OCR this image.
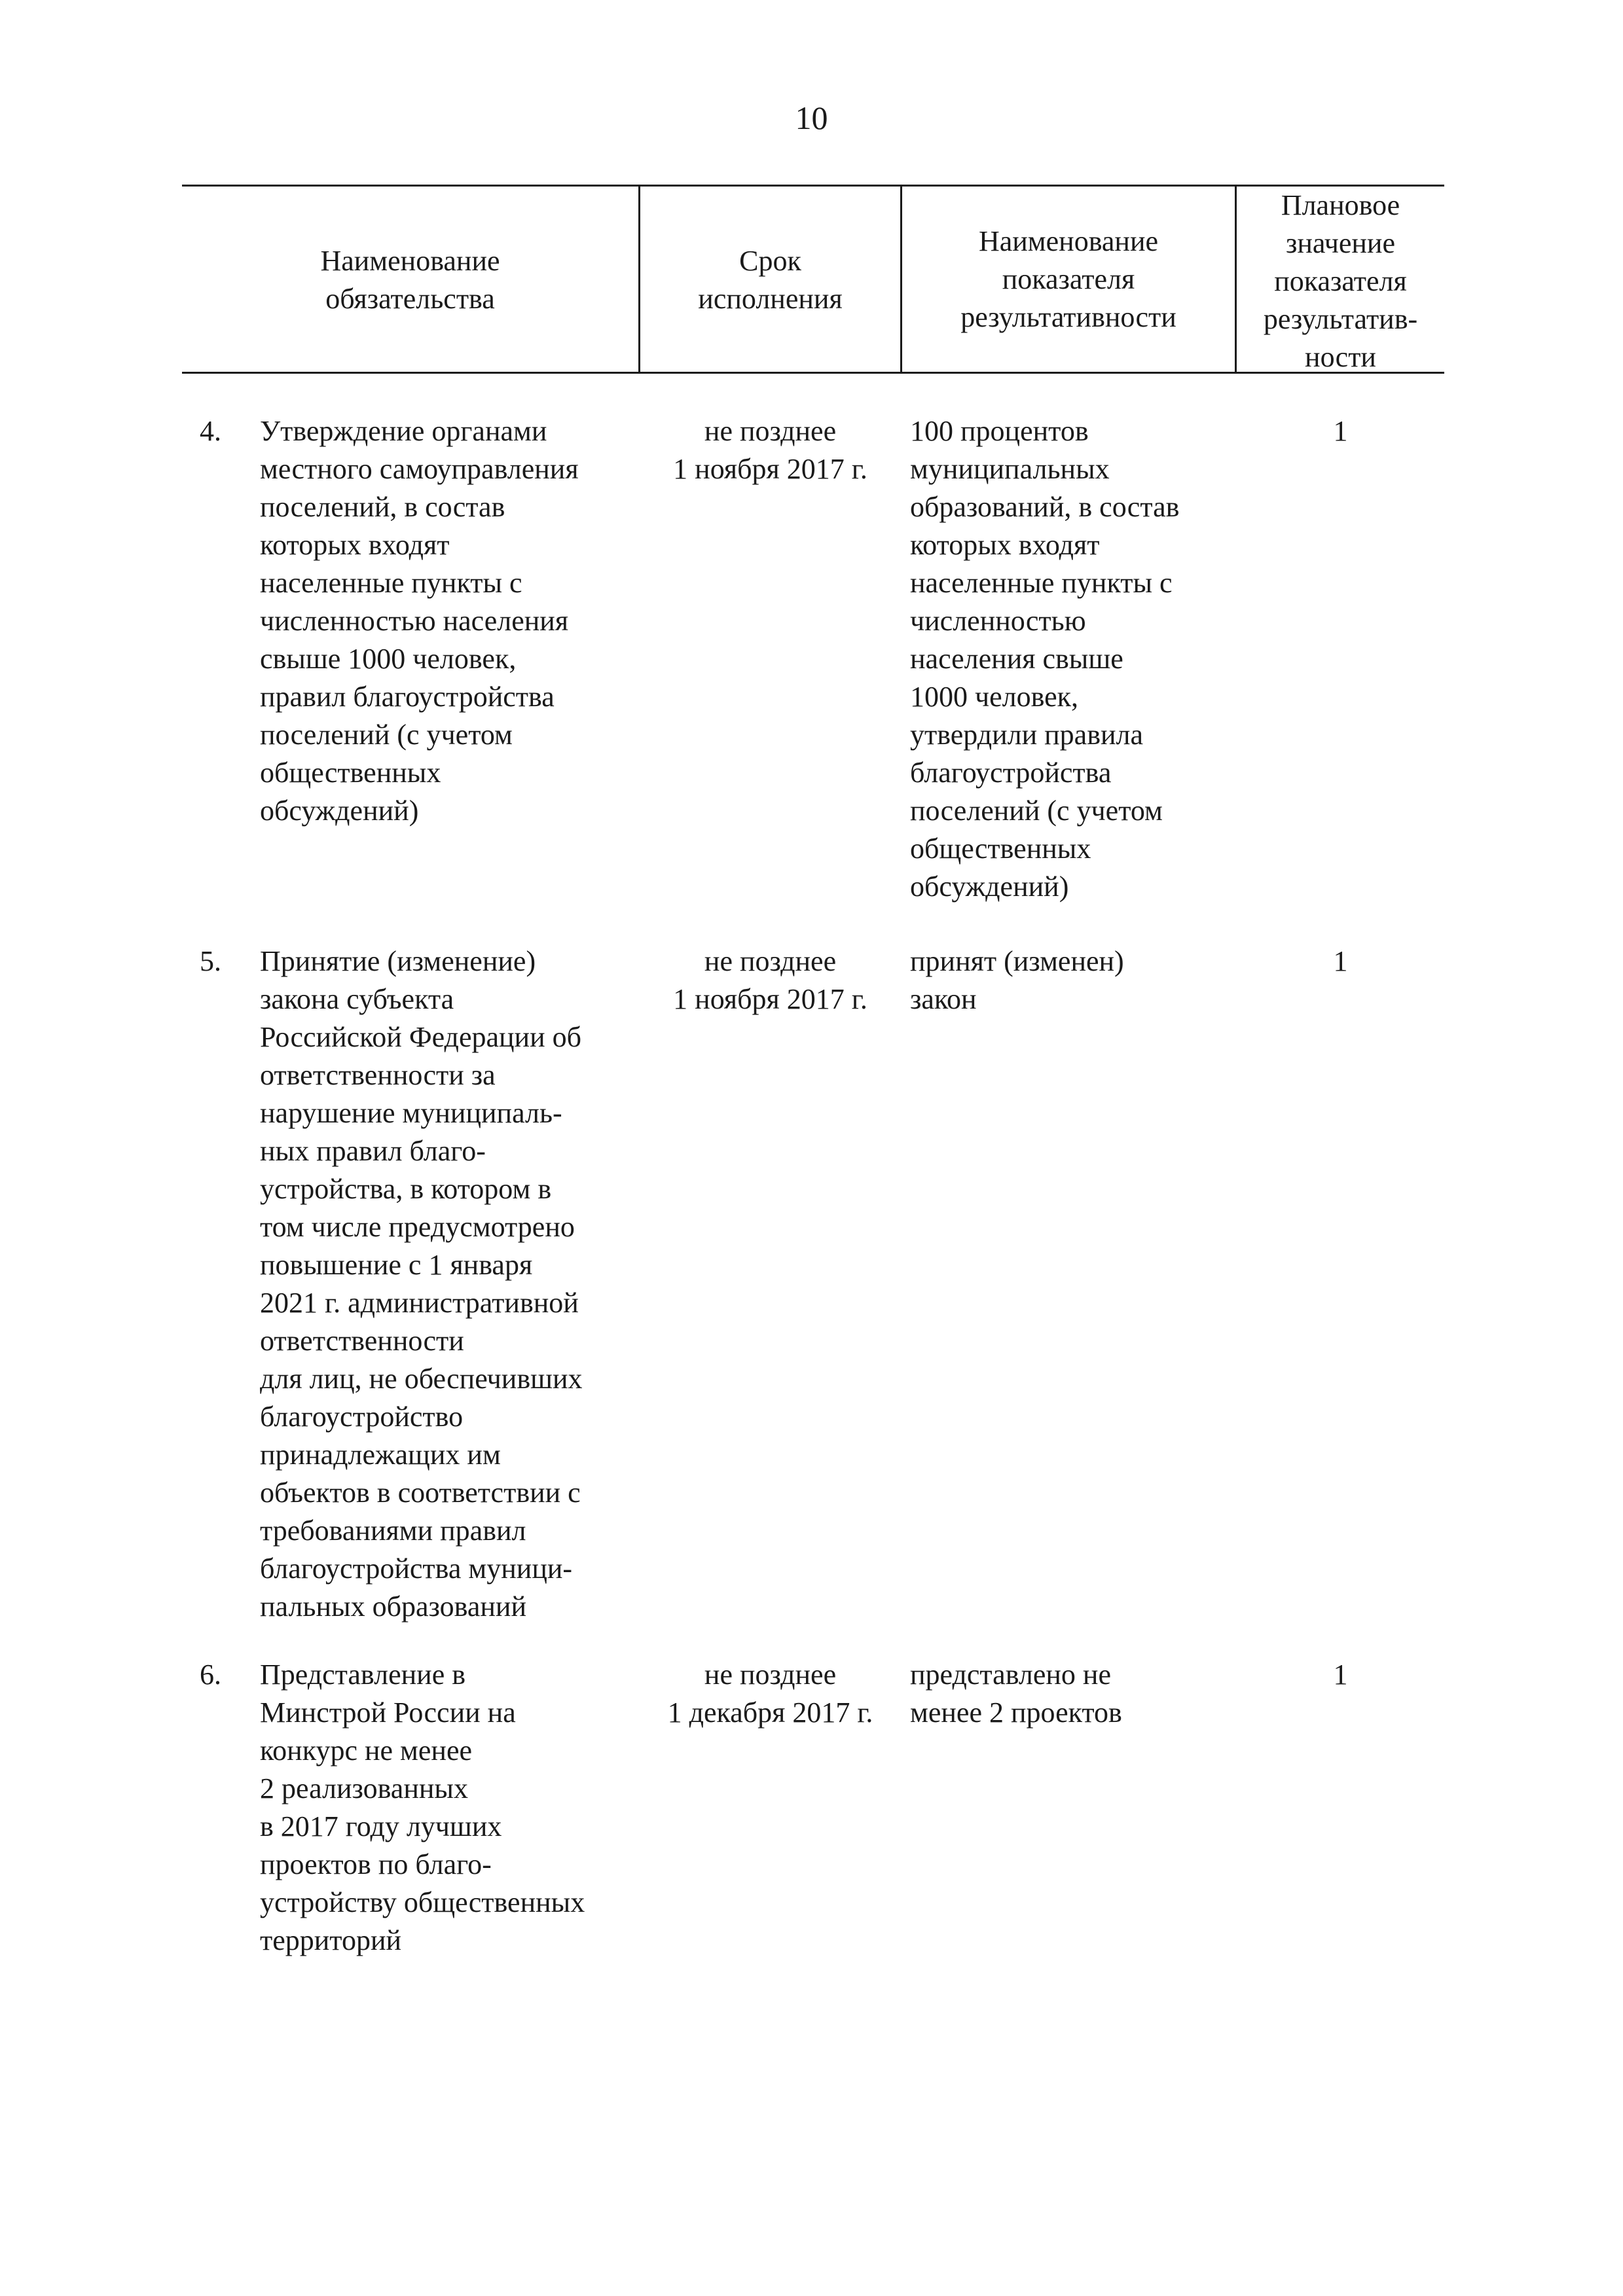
10
Наименование
обязательства
Срок
исполнения
Наименование
показателя
результативности
Плановое
значение
показателя
результатив-
ности
4. Утверждение органами
местного самоуправления
поселений, в состав
которых входят
населенные пункты с
численностью населения
свыше 1000 человек,
правил благоустройства
поселений (с учетом
общественных
обсуждений)
не позднее
1 ноября 2017 г.
100 процентов
муниципальных
образований, в состав
которых входят
населенные пункты с
численностью
населения свыше
1000 человек,
утвердили правила
благоустройства
поселений (с учетом
общественных
обсуждений)
1
5. Принятие (изменение)
закона субъекта
Российской Федерации об
ответственности за
нарушение муниципаль-
ных правил благо-
устройства, в котором в
том числе предусмотрено
повышение с 1 января
2021 г. административной
ответственности
для лиц, не обеспечивших
благоустройство
принадлежащих им
объектов в соответствии с
требованиями правил
благоустройства муници-
пальных образований
не позднее
1 ноября 2017 г.
принят (изменен)
закон
1
6. Представление в
Минстрой России на
конкурс не менее
2 реализованных
в 2017 году лучших
проектов по благо-
устройству общественных
территорий
не позднее
1 декабря 2017 г.
представлено не
менее 2 проектов
1
